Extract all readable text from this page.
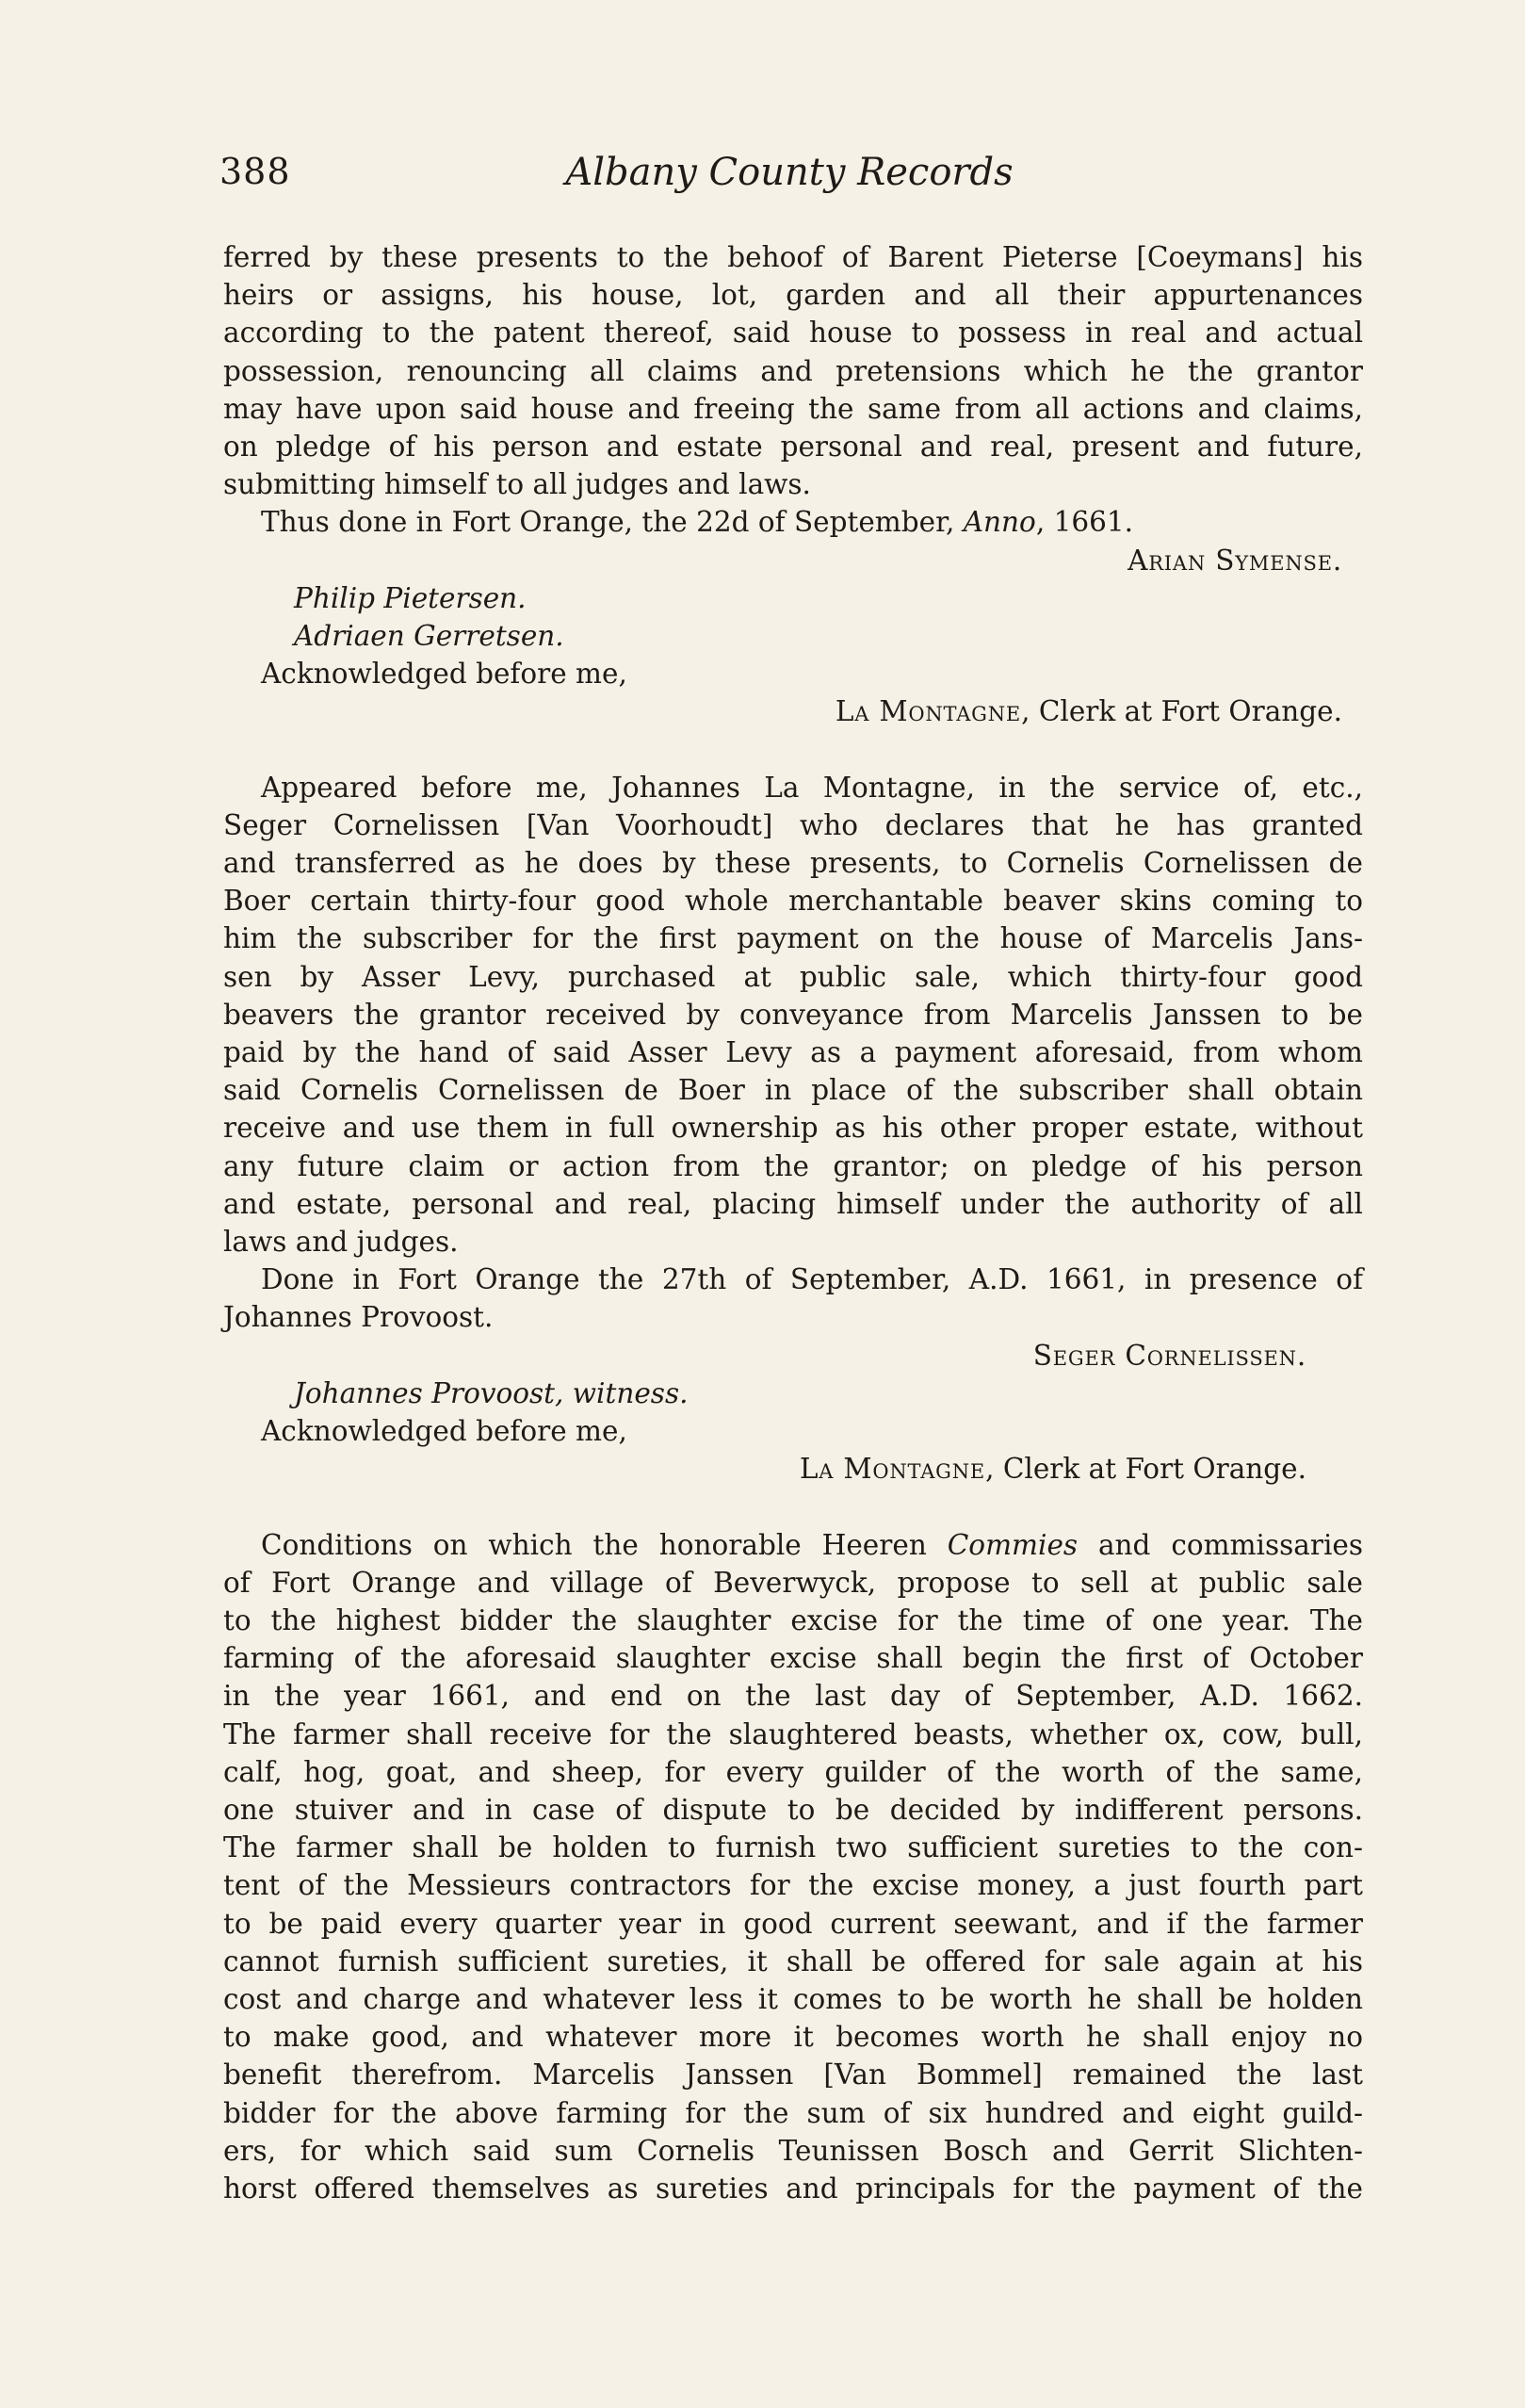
388	Albany County Records
ferred by these presents to the behoof of Barent Pieterse [Coeymans] his
heirs or assigns, his house, lot, garden and all their appurtenances
according to the patent thereof, said house to possess in real and actual
possession, renouncing all claims and pretensions which he the grantor
may have upon said house and freeing the same from all actions and claims,
on pledge of his person and estate personal and real, present and future,
submitting himself to all judges and laws.
Thus done in Fort Orange, the 22d of September, Anno, 1661.
Arian Symense.
Philip Pietersen.
Adriaen Gerretsen.
Acknowledged before me,
La Montagne, Clerk at Fort Orange.
Appeared before me, Johannes La Montagne, in the service of, etc.,
Seger Cornelissen [Van Voorhoudt] who declares that he has granted
and transferred as he does by these presents, to Cornelis Cornelissen de
Boer certain thirty-four good whole merchantable beaver skins coming to
him the subscriber for the first payment on the house of Marcelis Jans-
sen by Asser Levy, purchased at public sale, which thirty-four good
beavers the grantor received by conveyance from Marcelis Janssen to be
paid by the hand of said Asser Levy as a payment aforesaid, from whom
said Cornelis Cornelissen de Boer in place of the subscriber shall obtain
receive and use them in full ownership as his other proper estate, without
any future claim or action from the grantor; on pledge of his person
and estate, personal and real, placing himself under the authority of all
laws and judges.
Done in Fort Orange the 27th of September, A.D. 1661, in presence of
Johannes Provoost.
Seger Cornelissen.
Johannes Provoost, witness.
Acknowledged before me,
La Montagne, Clerk at Fort Orange.
Conditions on which the honorable Heeren Commies and commissaries
of Fort Orange and village of Beverwyck, propose to sell at public sale
to the highest bidder the slaughter excise for the time of one year. The
farming of the aforesaid slaughter excise shall begin the first of October
in the year 1661, and end on the last day of September, A.D. 1662.
The farmer shall receive for the slaughtered beasts, whether ox, cow, bull,
calf, hog, goat, and sheep, for every guilder of the worth of the same,
one stuiver and in case of dispute to be decided by indifferent persons.
The farmer shall be holden to furnish two sufficient sureties to the con-
tent of the Messieurs contractors for the excise money, a just fourth part
to be paid every quarter year in good current seewant, and if the farmer
cannot furnish sufficient sureties, it shall be offered for sale again at his
cost and charge and whatever less it comes to be worth he shall be holden
to make good, and whatever more it becomes worth he shall enjoy no
benefit therefrom. Marcelis Janssen [Van Bommel] remained the last
bidder for the above farming for the sum of six hundred and eight guild-
ers, for which said sum Cornelis Teunissen Bosch and Gerrit Slichten-
horst offered themselves as sureties and principals for the payment of the
